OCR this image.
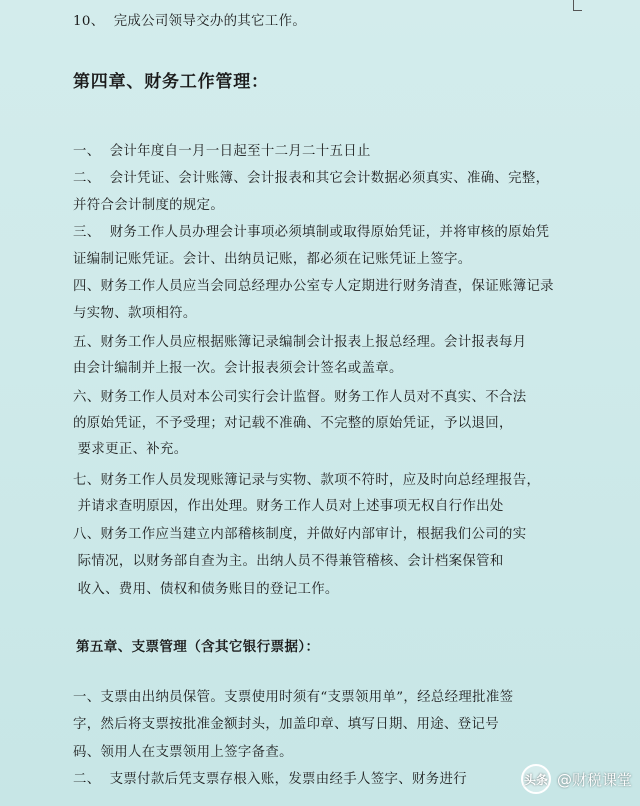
10、  完成公司领导交办的其它工作。
第四章、财务工作管理：
一、  会计年度自一月一日起至十二月二十五日止
二、  会计凭证、会计账簿、会计报表和其它会计数据必须真实、准确、完整，
并符合会计制度的规定。
三、  财务工作人员办理会计事项必须填制或取得原始凭证，并将审核的原始凭
证编制记账凭证。会计、出纳员记账，都必须在记账凭证上签字。
四、财务工作人员应当会同总经理办公室专人定期进行财务清查，保证账簿记录
与实物、款项相符。
五、财务工作人员应根据账簿记录编制会计报表上报总经理。会计报表每月
由会计编制并上报一次。会计报表须会计签名或盖章。
六、财务工作人员对本公司实行会计监督。财务工作人员对不真实、不合法
的原始凭证，不予受理；对记载不准确、不完整的原始凭证，予以退回，
要求更正、补充。
七、财务工作人员发现账簿记录与实物、款项不符时，应及时向总经理报告，
并请求查明原因，作出处理。财务工作人员对上述事项无权自行作出处
八、财务工作应当建立内部稽核制度，并做好内部审计，根据我们公司的实
际情况，以财务部自查为主。出纳人员不得兼管稽核、会计档案保管和
收入、费用、债权和债务账目的登记工作。
第五章、支票管理（含其它银行票据）：
一、支票由出纳员保管。支票使用时须有“支票领用单”，经总经理批准签
字，然后将支票按批准金额封头，加盖印章、填写日期、用途、登记号
码、领用人在支票领用上签字备查。
二、  支票付款后凭支票存根入账，发票由经手人签字、财务进行	头条 @财税课堂
